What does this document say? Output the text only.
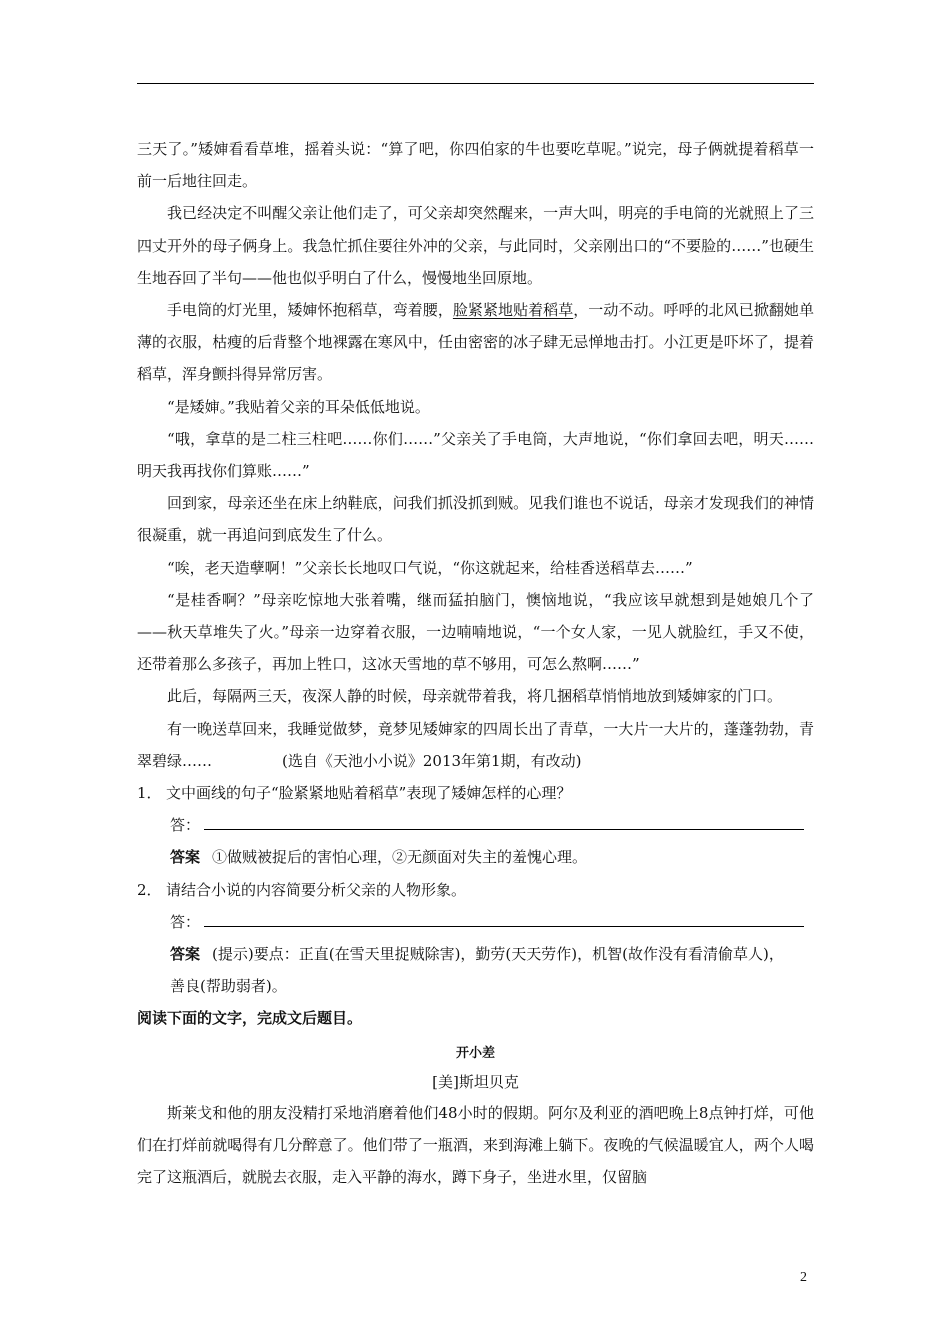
三天了。”矮婶看看草堆，摇着头说：“算了吧，你四伯家的牛也要吃草呢。”说完，母子俩就提着稻草一前一后地往回走。

我已经决定不叫醒父亲让他们走了，可父亲却突然醒来，一声大叫，明亮的手电筒的光就照上了三四丈开外的母子俩身上。我急忙抓住要往外冲的父亲，与此同时，父亲刚出口的“不要脸的……”也硬生生地吞回了半句——他也似乎明白了什么，慢慢地坐回原地。

手电筒的灯光里，矮婶怀抱稻草，弯着腰，脸紧紧地贴着稻草，一动不动。呼呼的北风已掀翻她单薄的衣服，枯瘦的后背整个地裸露在寒风中，任由密密的冰子肆无忌惮地击打。小江更是吓坏了，提着稻草，浑身颤抖得异常厉害。

“是矮婶。”我贴着父亲的耳朵低低地说。

“哦，拿草的是二柱三柱吧……你们……”父亲关了手电筒，大声地说，“你们拿回去吧，明天……明天我再找你们算账……”

回到家，母亲还坐在床上纳鞋底，问我们抓没抓到贼。见我们谁也不说话，母亲才发现我们的神情很凝重，就一再追问到底发生了什么。

“唉，老天造孽啊！”父亲长长地叹口气说，“你这就起来，给桂香送稻草去……”

“是桂香啊？”母亲吃惊地大张着嘴，继而猛拍脑门，懊恼地说，“我应该早就想到是她娘几个了——秋天草堆失了火。”母亲一边穿着衣服，一边喃喃地说，“一个女人家，一见人就脸红，手又不使，还带着那么多孩子，再加上牲口，这冰天雪地的草不够用，可怎么熬啊……”

此后，每隔两三天，夜深人静的时候，母亲就带着我，将几捆稻草悄悄地放到矮婶家的门口。

有一晚送草回来，我睡觉做梦，竟梦见矮婶家的四周长出了青草，一大片一大片的，蓬蓬勃勃，青翠碧绿……	(选自《天池小小说》2013年第1期，有改动)

1． 文中画线的句子“脸紧紧地贴着稻草”表现了矮婶怎样的心理？

答：

答案 ①做贼被捉后的害怕心理，②无颜面对失主的羞愧心理。

2． 请结合小说的内容简要分析父亲的人物形象。

答：

答案 (提示)要点：正直(在雪天里捉贼除害)，勤劳(天天劳作)，机智(故作没有看清偷草人)，

善良(帮助弱者)。

阅读下面的文字，完成文后题目。

开小差

[美]斯坦贝克

斯莱戈和他的朋友没精打采地消磨着他们48小时的假期。阿尔及利亚的酒吧晚上8点钟打烊，可他们在打烊前就喝得有几分醉意了。他们带了一瓶酒，来到海滩上躺下。夜晚的气候温暖宜人，两个人喝完了这瓶酒后，就脱去衣服，走入平静的海水，蹲下身子，坐进水里，仅留脑

2
